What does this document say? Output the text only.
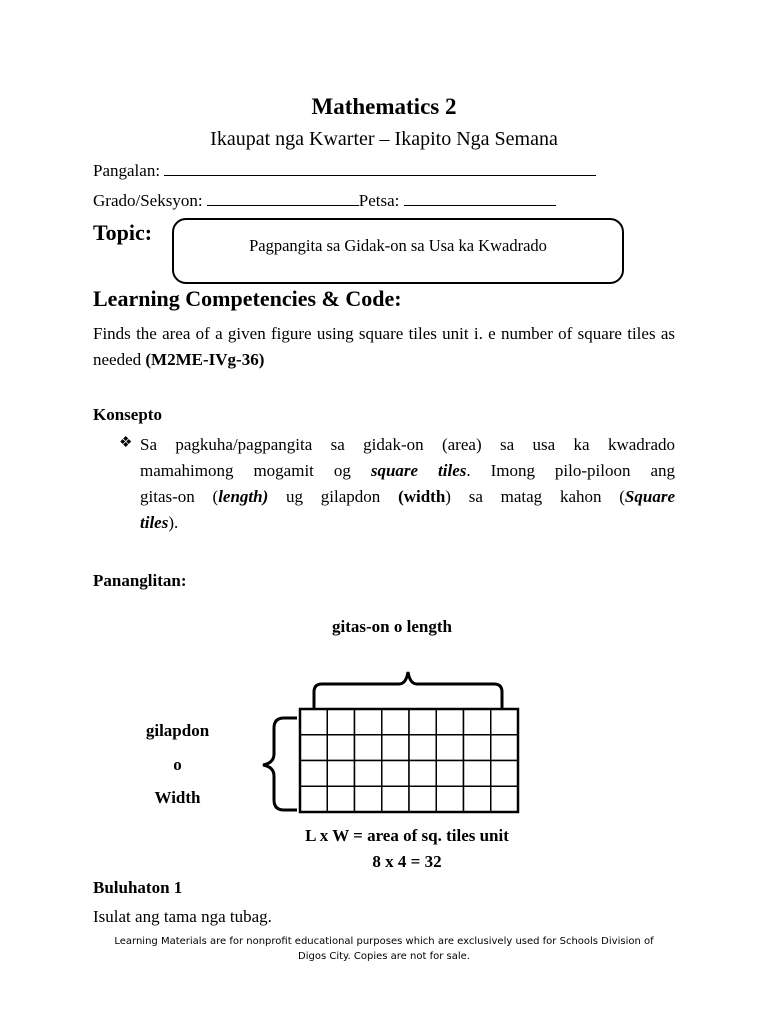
Mathematics 2
Ikaupat nga Kwarter – Ikapito Nga Semana
Pangalan:
Grado/Seksyon:	Petsa:
Topic:
Pagpangita sa Gidak-on sa Usa ka Kwadrado
Learning Competencies & Code:
Finds the area of a given figure using square tiles unit i. e number of square tiles as needed (M2ME-IVg-36)
Konsepto
❖ Sa pagkuha/pagpangita sa gidak-on (area) sa usa ka kwadrado
mamahimong mogamit og square tiles. Imong pilo-piloon ang
gitas-on (length) ug gilapdon (width) sa matag kahon (Square
tiles).
Pananglitan:
gitas-on o length
gilapdon
o
Width
L x W = area of sq. tiles unit
8 x 4 = 32
Buluhaton 1
Isulat ang tama nga tubag.
Learning Materials are for nonprofit educational purposes which are exclusively used for Schools Division of
Digos City. Copies are not for sale.
